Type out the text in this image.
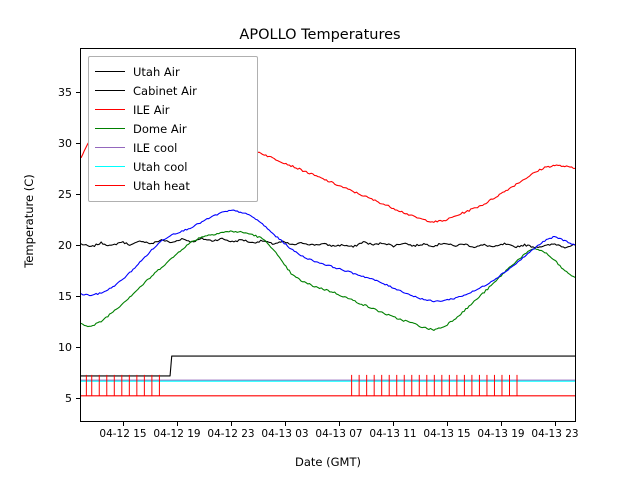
APOLLO Temperatures
Temperature (C)
Date (GMT)
5
10
15
20
25
30
35
04-12 15 04-12 19 04-12 23 04-13 03 04-13 07 04-13 11 04-13 15 04-13 19 04-13 23
Utah Air
Cabinet Air
ILE Air
Dome Air
ILE cool
Utah cool
Utah heat
